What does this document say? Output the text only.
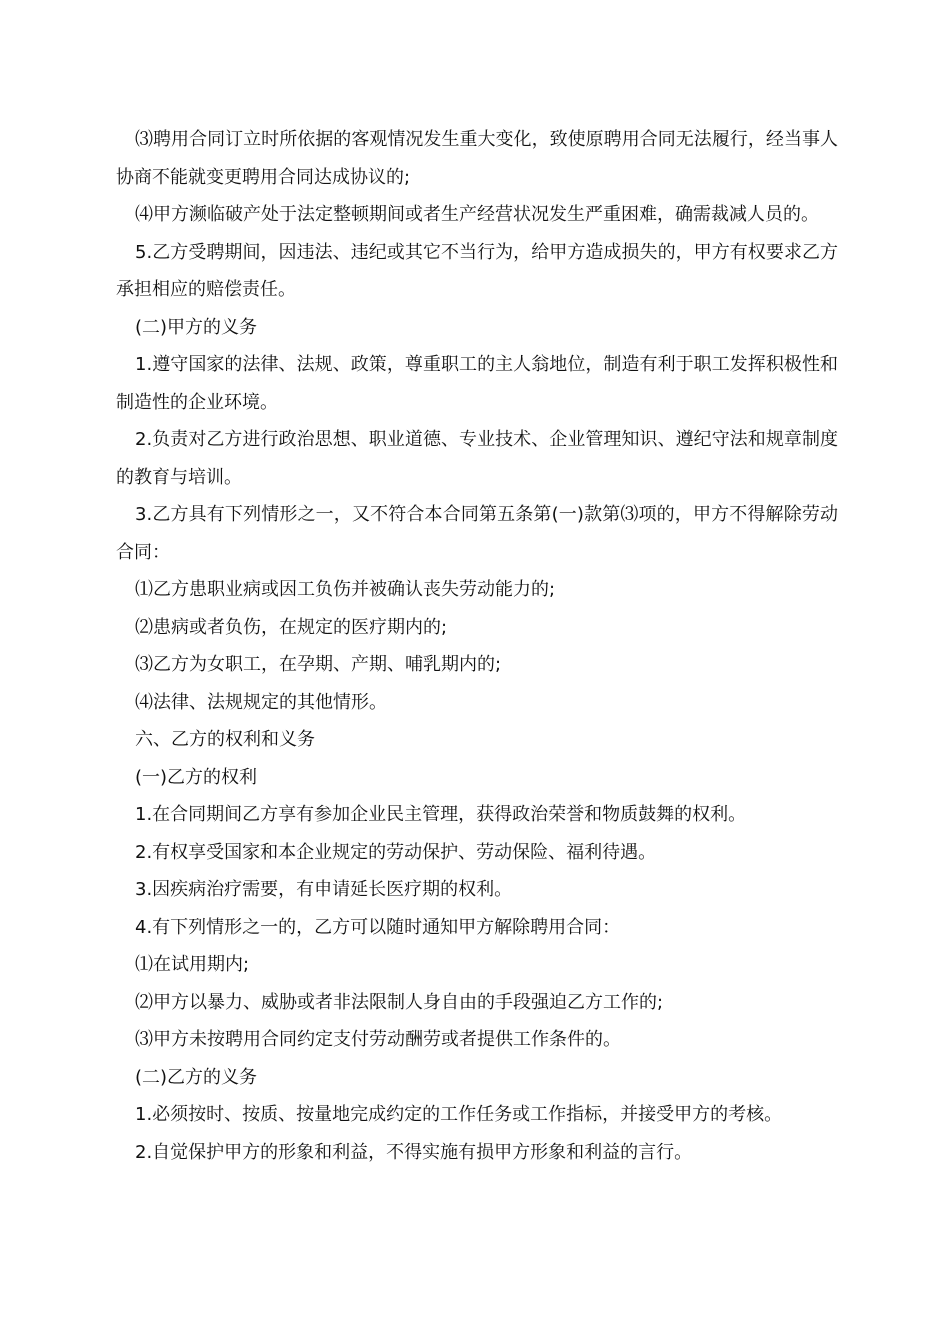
⑶聘用合同订立时所依据的客观情况发生重大变化，致使原聘用合同无法履行，经当事人协商不能就变更聘用合同达成协议的;

⑷甲方濒临破产处于法定整顿期间或者生产经营状况发生严重困难，确需裁减人员的。

5.乙方受聘期间，因违法、违纪或其它不当行为，给甲方造成损失的，甲方有权要求乙方承担相应的赔偿责任。

(二)甲方的义务

1.遵守国家的法律、法规、政策，尊重职工的主人翁地位，制造有利于职工发挥积极性和制造性的企业环境。

2.负责对乙方进行政治思想、职业道德、专业技术、企业管理知识、遵纪守法和规章制度的教育与培训。

3.乙方具有下列情形之一，又不符合本合同第五条第(一)款第⑶项的，甲方不得解除劳动合同：

⑴乙方患职业病或因工负伤并被确认丧失劳动能力的;

⑵患病或者负伤，在规定的医疗期内的;

⑶乙方为女职工，在孕期、产期、哺乳期内的;

⑷法律、法规规定的其他情形。

六、乙方的权利和义务

(一)乙方的权利

1.在合同期间乙方享有参加企业民主管理，获得政治荣誉和物质鼓舞的权利。

2.有权享受国家和本企业规定的劳动保护、劳动保险、福利待遇。

3.因疾病治疗需要，有申请延长医疗期的权利。

4.有下列情形之一的，乙方可以随时通知甲方解除聘用合同：

⑴在试用期内;

⑵甲方以暴力、威胁或者非法限制人身自由的手段强迫乙方工作的;

⑶甲方未按聘用合同约定支付劳动酬劳或者提供工作条件的。

(二)乙方的义务

1.必须按时、按质、按量地完成约定的工作任务或工作指标，并接受甲方的考核。

2.自觉保护甲方的形象和利益，不得实施有损甲方形象和利益的言行。
